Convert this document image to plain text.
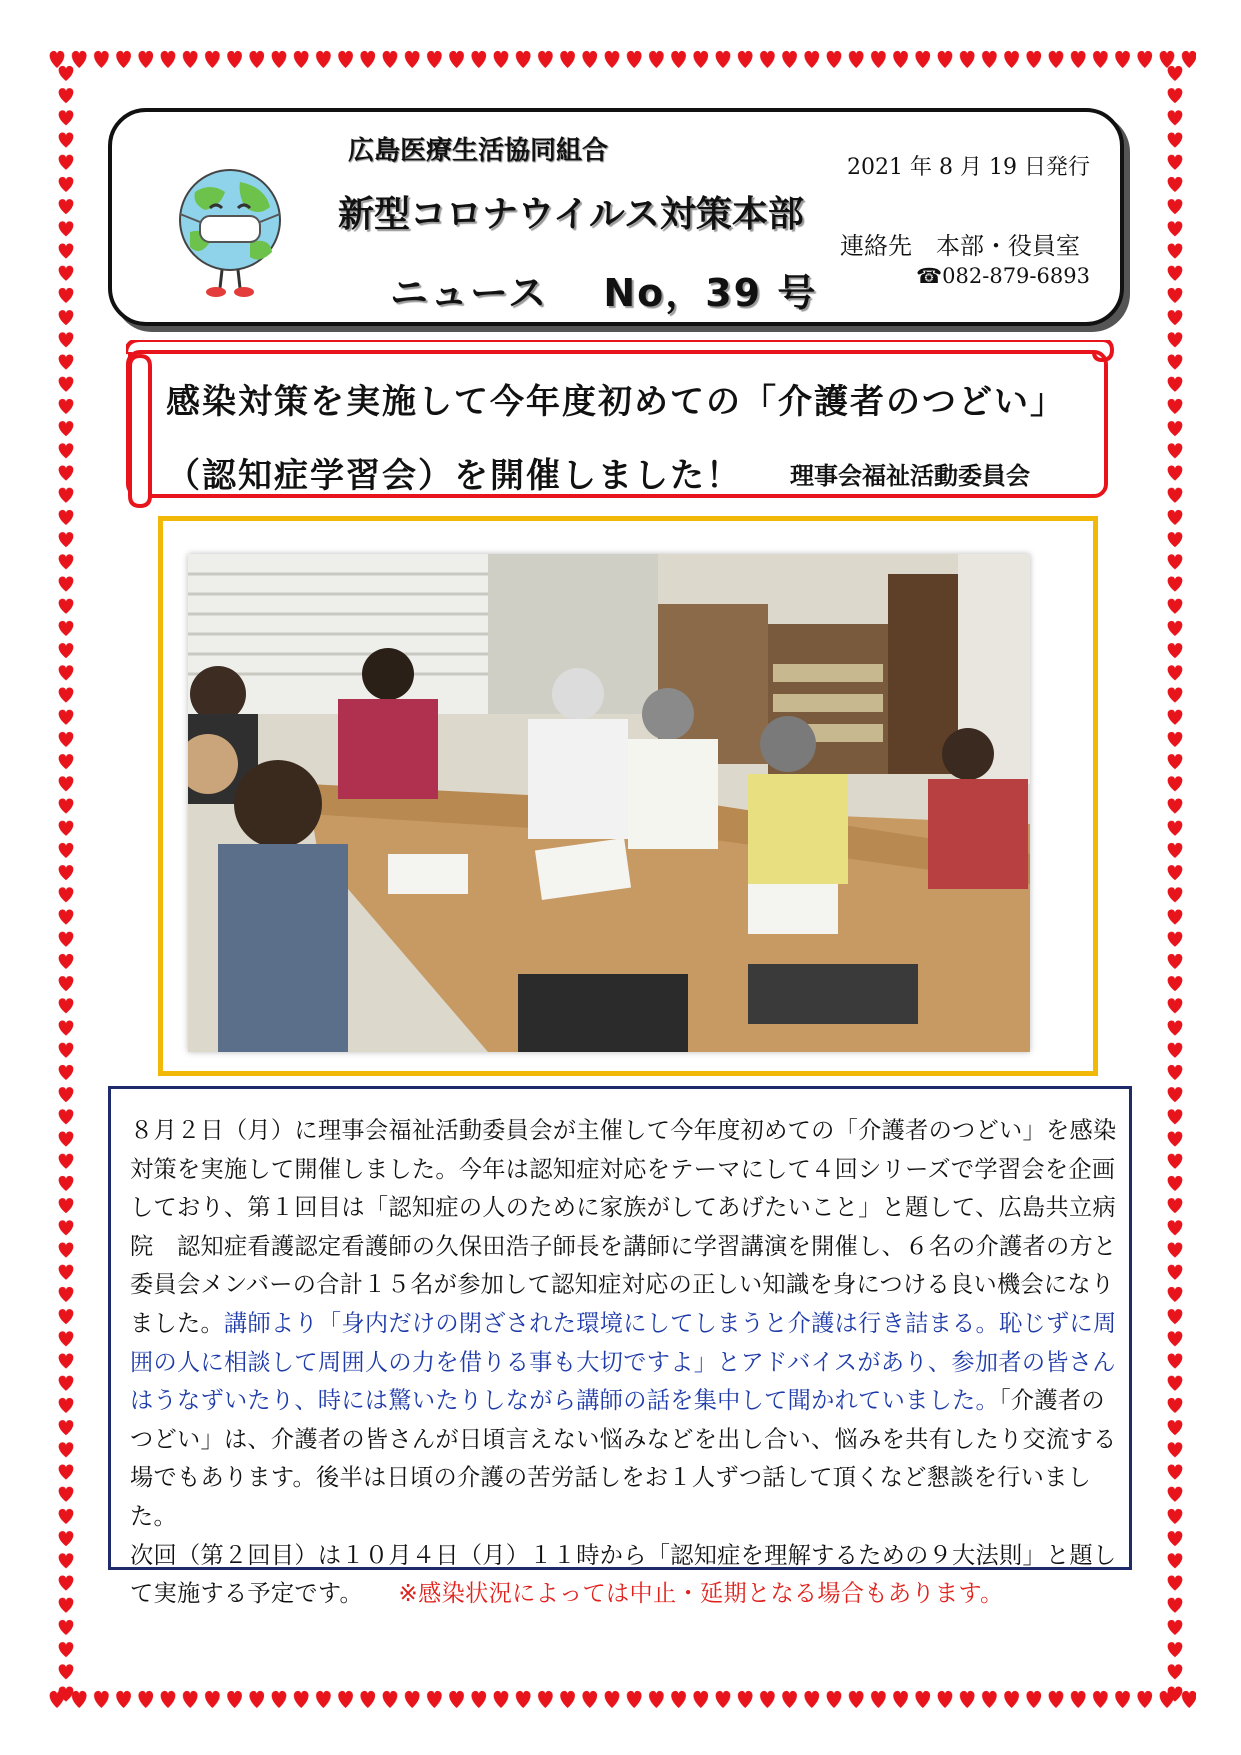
広島医療生活協同組合
新型コロナウイルス対策本部
ニュース　 No，39 号
2021 年 8 月 19 日発行
連絡先　本部・役員室
☎082-879-6893
感染対策を実施して今年度初めての「介護者のつどい」
（認知症学習会）を開催しました！ 理事会福祉活動委員会

８月２日（月）に理事会福祉活動委員会が主催して今年度初めての「介護者のつどい」を感染対策を実施して開催しました。今年は認知症対応をテーマにして４回シリーズで学習会を企画しており、第１回目は「認知症の人のために家族がしてあげたいこと」と題して、広島共立病院　認知症看護認定看護師の久保田浩子師長を講師に学習講演を開催し、６名の介護者の方と委員会メンバーの合計１５名が参加して認知症対応の正しい知識を身につける良い機会になりました。講師より「身内だけの閉ざされた環境にしてしまうと介護は行き詰まる。恥じずに周囲の人に相談して周囲人の力を借りる事も大切ですよ」とアドバイスがあり、参加者の皆さんはうなずいたり、時には驚いたりしながら講師の話を集中して聞かれていました。「介護者のつどい」は、介護者の皆さんが日頃言えない悩みなどを出し合い、悩みを共有したり交流する場でもあります。後半は日頃の介護の苦労話しをお１人ずつ話して頂くなど懇談を行いました。

次回（第２回目）は１０月４日（月）１１時から「認知症を理解するための９大法則」と題して実施する予定です。　　※感染状況によっては中止・延期となる場合もあります。
